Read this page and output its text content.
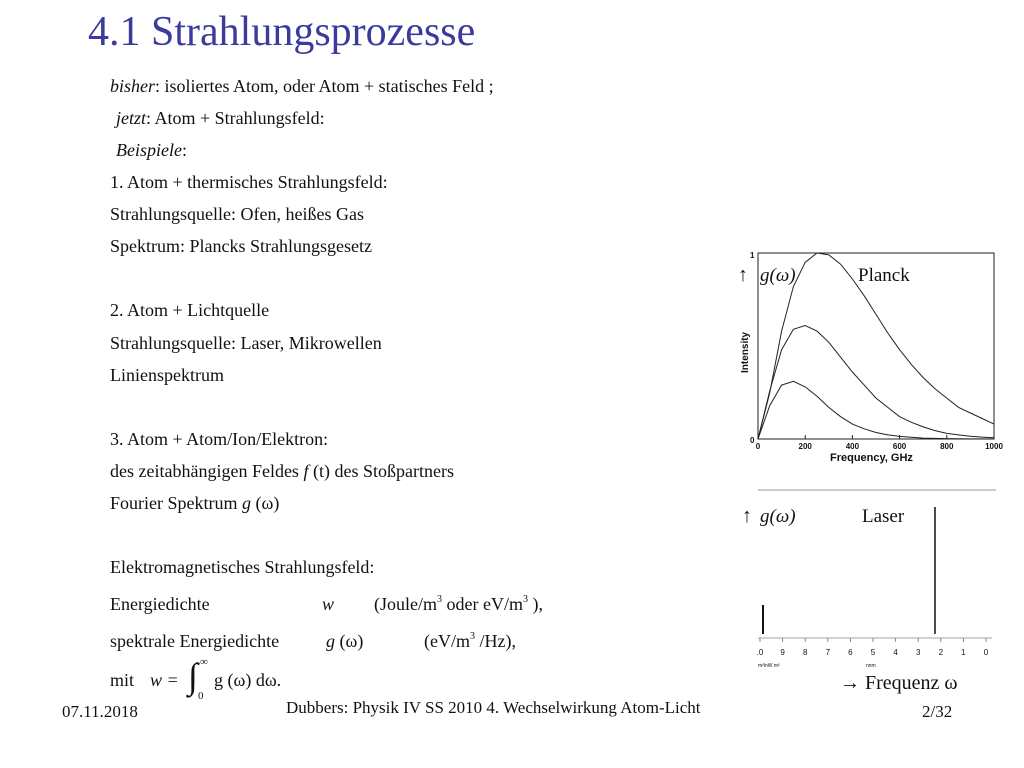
4.1 Strahlungsprozesse
bisher: isoliertes Atom, oder Atom + statisches Feld ;
jetzt: Atom + Strahlungsfeld:
Beispiele:
1. Atom + thermisches Strahlungsfeld:
Strahlungsquelle: Ofen, heißes Gas
Spektrum: Plancks Strahlungsgesetz
2. Atom + Lichtquelle
Strahlungsquelle: Laser, Mikrowellen
Linienspektrum
3. Atom + Atom/Ion/Elektron:
des zeitabhängigen Feldes f (t) des Stoßpartners
Fourier Spektrum g (ω)
Elektromagnetisches Strahlungsfeld:
Energiedichte	w ($Joule/m^3$ oder $eV/m^3$ ),
spektrale Energiedichte	g (ω)	($eV/m^3$ /Hz),
mit w = ∫ ∞
0
g (ω) dω.
↑ g(ω)	Planck
Intensity
Frequency, GHz
1
0
0	200	400	600	800	1000
↑ g(ω)	Laser
.0 9 8 7 6 5 4 3 2 1 0
m²lnW m²	nnm
→ Frequenz ω
07.11.2018	Dubbers: Physik IV SS 2010 4. Wechselwirkung Atom-Licht	2/32
